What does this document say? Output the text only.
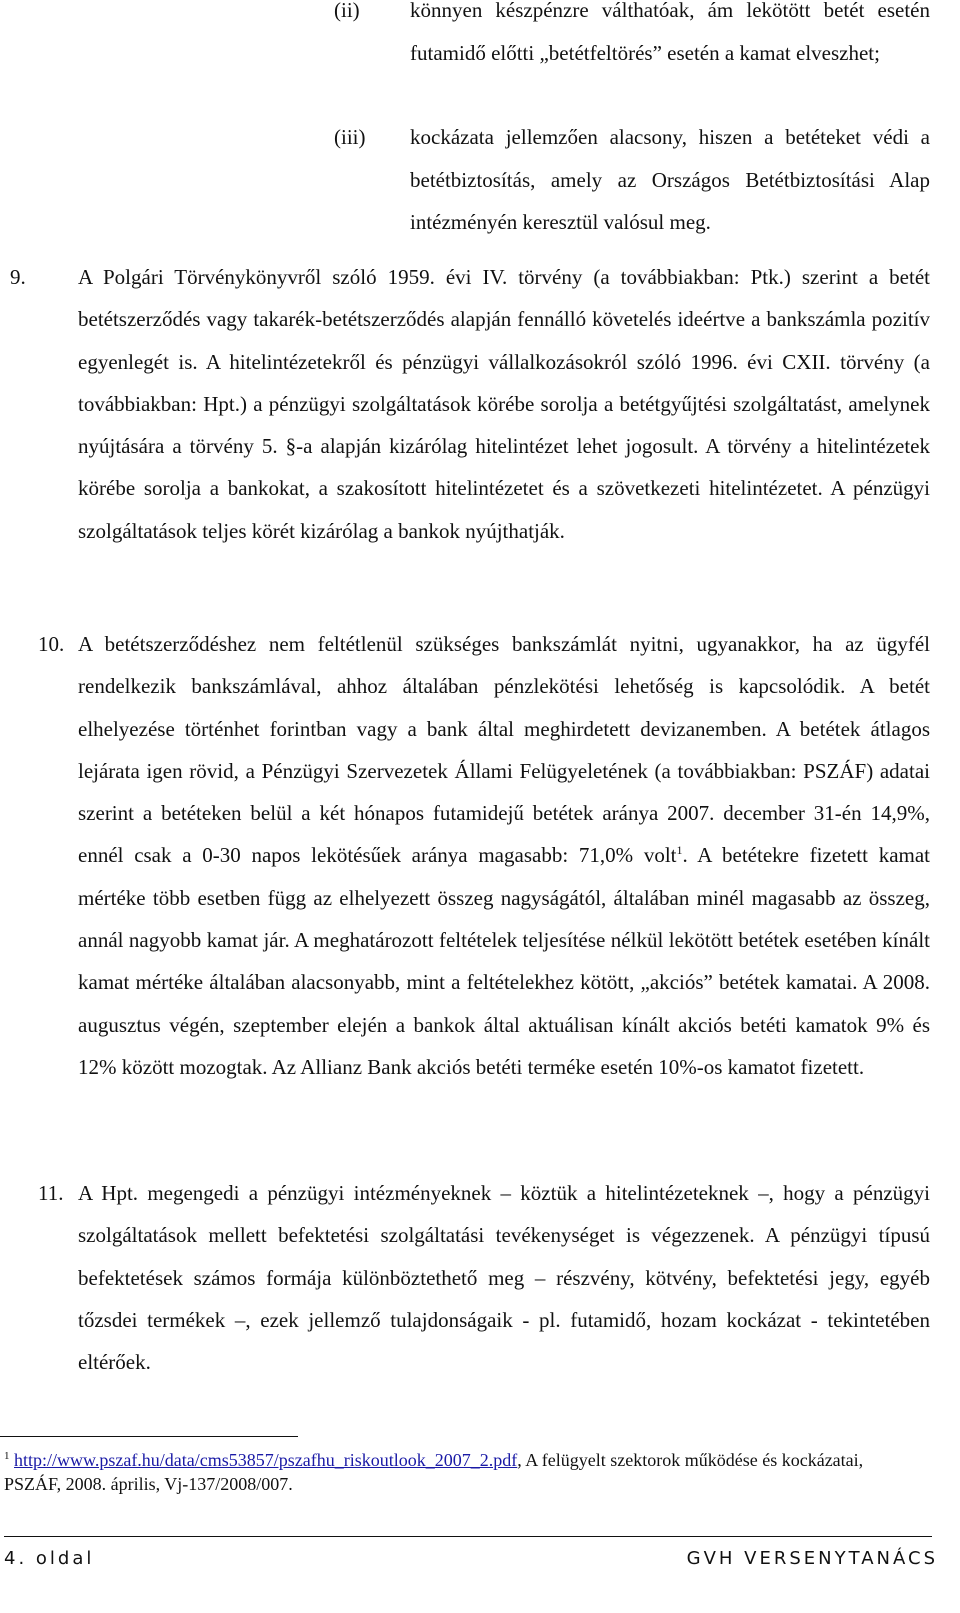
(ii) könnyen készpénzre válthatóak, ám lekötött betét esetén futamidő előtti „betétfeltörés” esetén a kamat elveszhet;
(iii) kockázata jellemzően alacsony, hiszen a betéteket védi a betétbiztosítás, amely az Országos Betétbiztosítási Alap intézményén keresztül valósul meg.
9. A Polgári Törvénykönyvről szóló 1959. évi IV. törvény (a továbbiakban: Ptk.) szerint a betét betétszerződés vagy takarék-betétszerződés alapján fennálló követelés ideértve a bankszámla pozitív egyenlegét is. A hitelintézetekről és pénzügyi vállalkozásokról szóló 1996. évi CXII. törvény (a továbbiakban: Hpt.) a pénzügyi szolgáltatások körébe sorolja a betétgyűjtési szolgáltatást, amelynek nyújtására a törvény 5. §-a alapján kizárólag hitelintézet lehet jogosult. A törvény a hitelintézetek körébe sorolja a bankokat, a szakosított hitelintézetet és a szövetkezeti hitelintézetet. A pénzügyi szolgáltatások teljes körét kizárólag a bankok nyújthatják.
10. A betétszerződéshez nem feltétlenül szükséges bankszámlát nyitni, ugyanakkor, ha az ügyfél rendelkezik bankszámlával, ahhoz általában pénzlekötési lehetőség is kapcsolódik. A betét elhelyezése történhet forintban vagy a bank által meghirdetett devizanemben. A betétek átlagos lejárata igen rövid, a Pénzügyi Szervezetek Állami Felügyeletének (a továbbiakban: PSZÁF) adatai szerint a betéteken belül a két hónapos futamidejű betétek aránya 2007. december 31-én 14,9%, ennél csak a 0-30 napos lekötésűek aránya magasabb: 71,0% volt$^1$. A betétekre fizetett kamat mértéke több esetben függ az elhelyezett összeg nagyságától, általában minél magasabb az összeg, annál nagyobb kamat jár. A meghatározott feltételek teljesítése nélkül lekötött betétek esetében kínált kamat mértéke általában alacsonyabb, mint a feltételekhez kötött, „akciós” betétek kamatai. A 2008. augusztus végén, szeptember elején a bankok által aktuálisan kínált akciós betéti kamatok 9% és 12% között mozogtak. Az Allianz Bank akciós betéti terméke esetén 10%-os kamatot fizetett.
11. A Hpt. megengedi a pénzügyi intézményeknek – köztük a hitelintézeteknek –, hogy a pénzügyi szolgáltatások mellett befektetési szolgáltatási tevékenységet is végezzenek. A pénzügyi típusú befektetések számos formája különböztethető meg – részvény, kötvény, befektetési jegy, egyéb tőzsdei termékek –, ezek jellemző tulajdonságaik - pl. futamidő, hozam kockázat - tekintetében eltérőek.
$^1$ http://www.pszaf.hu/data/cms53857/pszafhu_riskoutlook_2007_2.pdf, A felügyelt szektorok működése és kockázatai, PSZÁF, 2008. április, Vj-137/2008/007.
4. oldal	GVH VERSENYTANÁCS
